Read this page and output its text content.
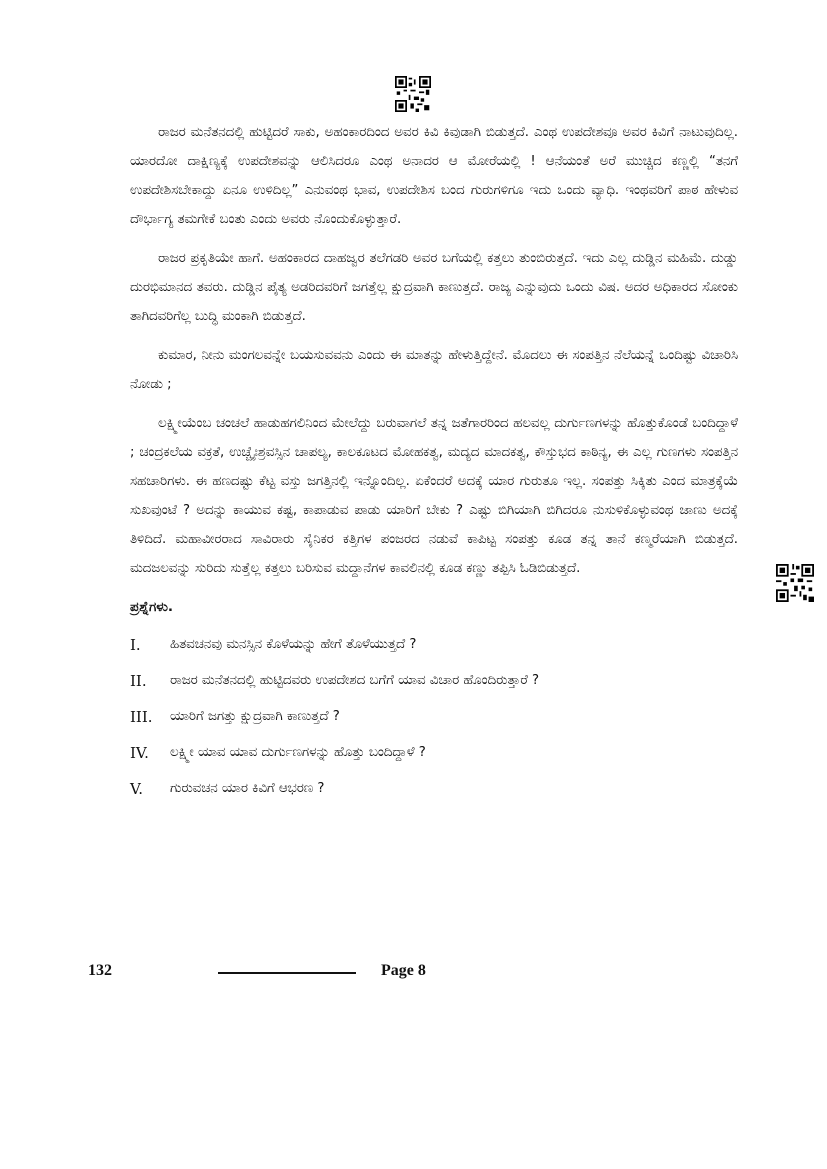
ರಾಜರ ಮನೆತನದಲ್ಲಿ ಹುಟ್ಟಿದರೆ ಸಾಕು, ಅಹಂಕಾರದಿಂದ ಅವರ ಕಿವಿ ಕಿವುಡಾಗಿ ಬಿಡುತ್ತದೆ. ಎಂಥ ಉಪದೇಶವೂ ಅವರ ಕಿವಿಗೆ ನಾಟುವುದಿಲ್ಲ. ಯಾರದೋ ದಾಕ್ಷಿಣ್ಯಕ್ಕೆ ಉಪದೇಶವನ್ನು ಆಲಿಸಿದರೂ ಎಂಥ ಅನಾದರ ಆ ಮೋರೆಯಲ್ಲಿ ! ಆನೆಯಂತೆ ಅರೆ ಮುಚ್ಚಿದ ಕಣ್ಣಲ್ಲಿ “ತನಗೆ ಉಪದೇಶಿಸಬೇಕಾದ್ದು ಏನೂ ಉಳಿದಿಲ್ಲ” ಎನುವಂಥ ಭಾವ, ಉಪದೇಶಿಸ ಬಂದ ಗುರುಗಳಿಗೂ ಇದು ಒಂದು ವ್ಯಾಧಿ. ಇಂಥವರಿಗೆ ಪಾಠ ಹೇಳುವ ದೌರ್ಭಾಗ್ಯ ತಮಗೇಕೆ ಬಂತು ಎಂದು ಅವರು ನೊಂದುಕೊಳ್ಳುತ್ತಾರೆ.

ರಾಜರ ಪ್ರಕೃತಿಯೇ ಹಾಗೆ. ಅಹಂಕಾರದ ದಾಹಜ್ವರ ತಲೆಗಡರಿ ಅವರ ಬಗೆಯಲ್ಲಿ ಕತ್ತಲು ತುಂಬಿರುತ್ತದೆ. ಇದು ಎಲ್ಲ ದುಡ್ಡಿನ ಮಹಿಮೆ. ದುಡ್ಡು ದುರಭಿಮಾನದ ತವರು. ದುಡ್ಡಿನ ಪೈತ್ಯ ಅಡರಿದವರಿಗೆ ಜಗತ್ತೆಲ್ಲ ಕ್ಷುದ್ರವಾಗಿ ಕಾಣುತ್ತದೆ. ರಾಜ್ಯ ಎನ್ನುವುದು ಒಂದು ವಿಷ. ಅದರ ಅಧಿಕಾರದ ಸೋಂಕು ತಾಗಿದವರಿಗೆಲ್ಲ ಬುದ್ಧಿ ಮಂಕಾಗಿ ಬಿಡುತ್ತದೆ.

ಕುಮಾರ, ನೀನು ಮಂಗಲವನ್ನೇ ಬಯಸುವವನು ಎಂದು ಈ ಮಾತನ್ನು ಹೇಳುತ್ತಿದ್ದೇನೆ. ಮೊದಲು ಈ ಸಂಪತ್ತಿನ ನೆಲೆಯನ್ನೆ ಒಂದಿಷ್ಟು ವಿಚಾರಿಸಿ ನೋಡು ;

ಲಕ್ಷ್ಮೀಯೆಂಬ ಚಂಚಲೆ ಹಾಡುಹಗಲಿನಿಂದ ಮೇಲೆದ್ದು ಬರುವಾಗಲೆ ತನ್ನ ಜತೆಗಾರರಿಂದ ಹಲವಲ್ಲ ದುರ್ಗುಣಗಳನ್ನು ಹೊತ್ತುಕೊಂಡೆ ಬಂದಿದ್ದಾಳೆ ; ಚಂದ್ರಕಲೆಯ ವಕ್ರತೆ, ಉಚ್ಚೈಃಶ್ರವಸ್ಸಿನ ಚಾಪಲ್ಯ, ಕಾಲಕೂಟದ ಮೋಹಕತ್ವ, ಮದ್ಯದ ಮಾದಕತ್ವ, ಕೌಸ್ತುಭದ ಕಾಠಿನ್ಯ, ಈ ಎಲ್ಲ ಗುಣಗಳು ಸಂಪತ್ತಿನ ಸಹಚಾರಿಗಳು. ಈ ಹಣದಷ್ಟು ಕೆಟ್ಟ ವಸ್ತು ಜಗತ್ತಿನಲ್ಲಿ ಇನ್ನೊಂದಿಲ್ಲ. ಏಕೆಂದರೆ ಅದಕ್ಕೆ ಯಾರ ಗುರುತೂ ಇಲ್ಲ. ಸಂಪತ್ತು ಸಿಕ್ಕಿತು ಎಂದ ಮಾತ್ರಕ್ಕೆಯೆ ಸುಖವುಂಟೆ ? ಅದನ್ನು ಕಾಯುವ ಕಷ್ಟ, ಕಾಪಾಡುವ ಪಾಡು ಯಾರಿಗೆ ಬೇಕು ? ಎಷ್ಟು ಬಿಗಿಯಾಗಿ ಬಿಗಿದರೂ ನುಸುಳಿಕೊಳ್ಳುವಂಥ ಜಾಣು ಅದಕ್ಕೆ ತಿಳಿದಿದೆ. ಮಹಾವೀರರಾದ ಸಾವಿರಾರು ಸೈನಿಕರ ಕತ್ತಿಗಳ ಪಂಜರದ ನಡುವೆ ಕಾಪಿಟ್ಟ ಸಂಪತ್ತು ಕೂಡ ತನ್ನ ತಾನೆ ಕಣ್ಮರೆಯಾಗಿ ಬಿಡುತ್ತದೆ. ಮದಜಲವನ್ನು ಸುರಿದು ಸುತ್ತೆಲ್ಲ ಕತ್ತಲು ಬರಿಸುವ ಮದ್ದಾನೆಗಳ ಕಾವಲಿನಲ್ಲಿ ಕೂಡ ಕಣ್ಣು ತಪ್ಪಿಸಿ ಓಡಿಬಿಡುತ್ತದೆ.

ಪ್ರಶ್ನೆಗಳು.
I.	ಹಿತವಚನವು ಮನಸ್ಸಿನ ಕೊಳೆಯನ್ನು ಹೇಗೆ ತೊಳೆಯುತ್ತದೆ ?
II.	ರಾಜರ ಮನೆತನದಲ್ಲಿ ಹುಟ್ಟಿದವರು ಉಪದೇಶದ ಬಗೆಗೆ ಯಾವ ವಿಚಾರ ಹೊಂದಿರುತ್ತಾರೆ ?
III.	ಯಾರಿಗೆ ಜಗತ್ತು ಕ್ಷುದ್ರವಾಗಿ ಕಾಣುತ್ತದೆ ?
IV.	ಲಕ್ಷ್ಮೀ ಯಾವ ಯಾವ ದುರ್ಗುಣಗಳನ್ನು ಹೊತ್ತು ಬಂದಿದ್ದಾಳೆ ?
V.	ಗುರುವಚನ ಯಾರ ಕಿವಿಗೆ ಆಭರಣ ?
132	Page 8
